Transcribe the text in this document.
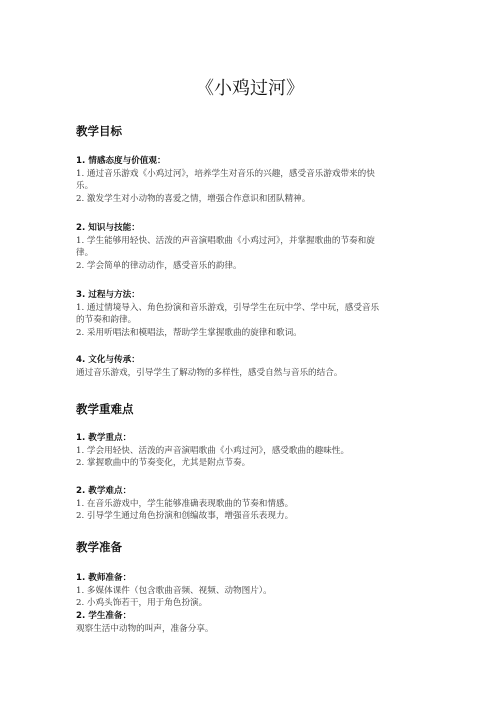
《小鸡过河》
教学目标
1. 情感态度与价值观：
1. 通过音乐游戏《小鸡过河》，培养学生对音乐的兴趣，感受音乐游戏带来的快
乐。
2. 激发学生对小动物的喜爱之情，增强合作意识和团队精神。
2. 知识与技能：
1. 学生能够用轻快、活泼的声音演唱歌曲《小鸡过河》，并掌握歌曲的节奏和旋
律。
2. 学会简单的律动动作，感受音乐的韵律。
3. 过程与方法：
1. 通过情境导入、角色扮演和音乐游戏，引导学生在玩中学、学中玩，感受音乐
的节奏和韵律。
2. 采用听唱法和模唱法，帮助学生掌握歌曲的旋律和歌词。
4. 文化与传承：
通过音乐游戏，引导学生了解动物的多样性，感受自然与音乐的结合。
教学重难点
1. 教学重点：
1. 学会用轻快、活泼的声音演唱歌曲《小鸡过河》，感受歌曲的趣味性。
2. 掌握歌曲中的节奏变化，尤其是附点节奏。
2. 教学难点：
1. 在音乐游戏中，学生能够准确表现歌曲的节奏和情感。
2. 引导学生通过角色扮演和创编故事，增强音乐表现力。
教学准备
1. 教师准备：
1. 多媒体课件（包含歌曲音频、视频、动物图片）。
2. 小鸡头饰若干，用于角色扮演。
2. 学生准备：
观察生活中动物的叫声，准备分享。
